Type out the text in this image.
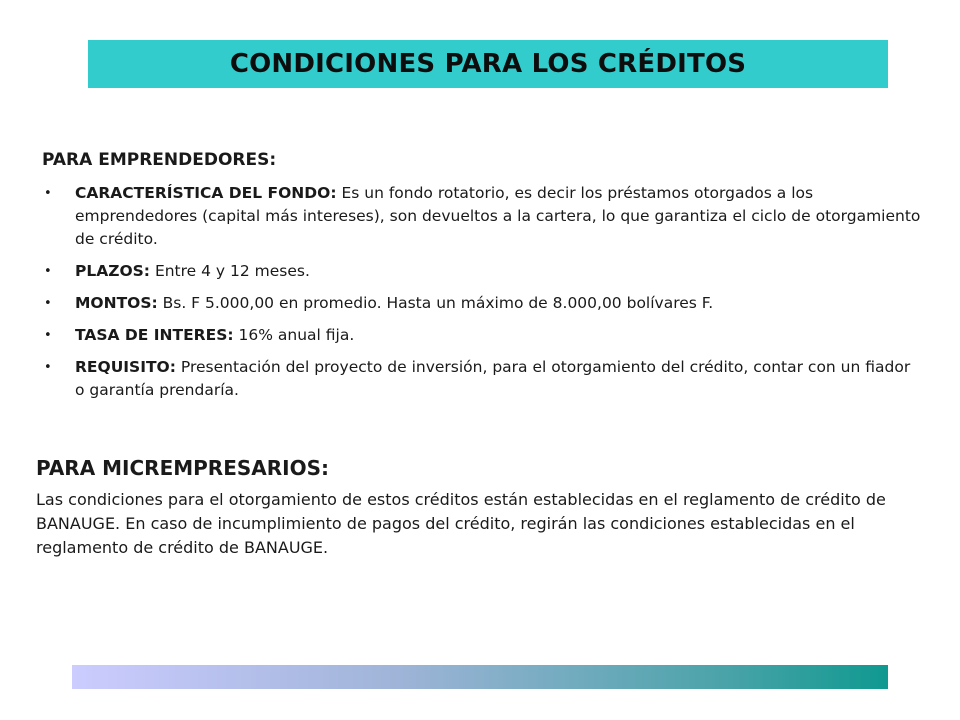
CONDICIONES PARA LOS CRÉDITOS
PARA EMPRENDEDORES:
• CARACTERÍSTICA DEL FONDO: Es un fondo rotatorio, es decir los préstamos otorgados a los emprendedores (capital más intereses), son devueltos a la cartera, lo que garantiza el ciclo de otorgamiento de crédito.
• PLAZOS: Entre 4 y 12 meses.
• MONTOS: Bs. F 5.000,00 en promedio. Hasta un máximo de 8.000,00 bolívares F.
• TASA DE INTERES: 16% anual fija.
• REQUISITO: Presentación del proyecto de inversión, para el otorgamiento del crédito, contar con un fiador o garantía prendaría.
PARA MICREMPRESARIOS:

Las condiciones para el otorgamiento de estos créditos están establecidas en el reglamento de crédito de BANAUGE. En caso de incumplimiento de pagos del crédito, regirán las condiciones establecidas en el reglamento de crédito de BANAUGE.
